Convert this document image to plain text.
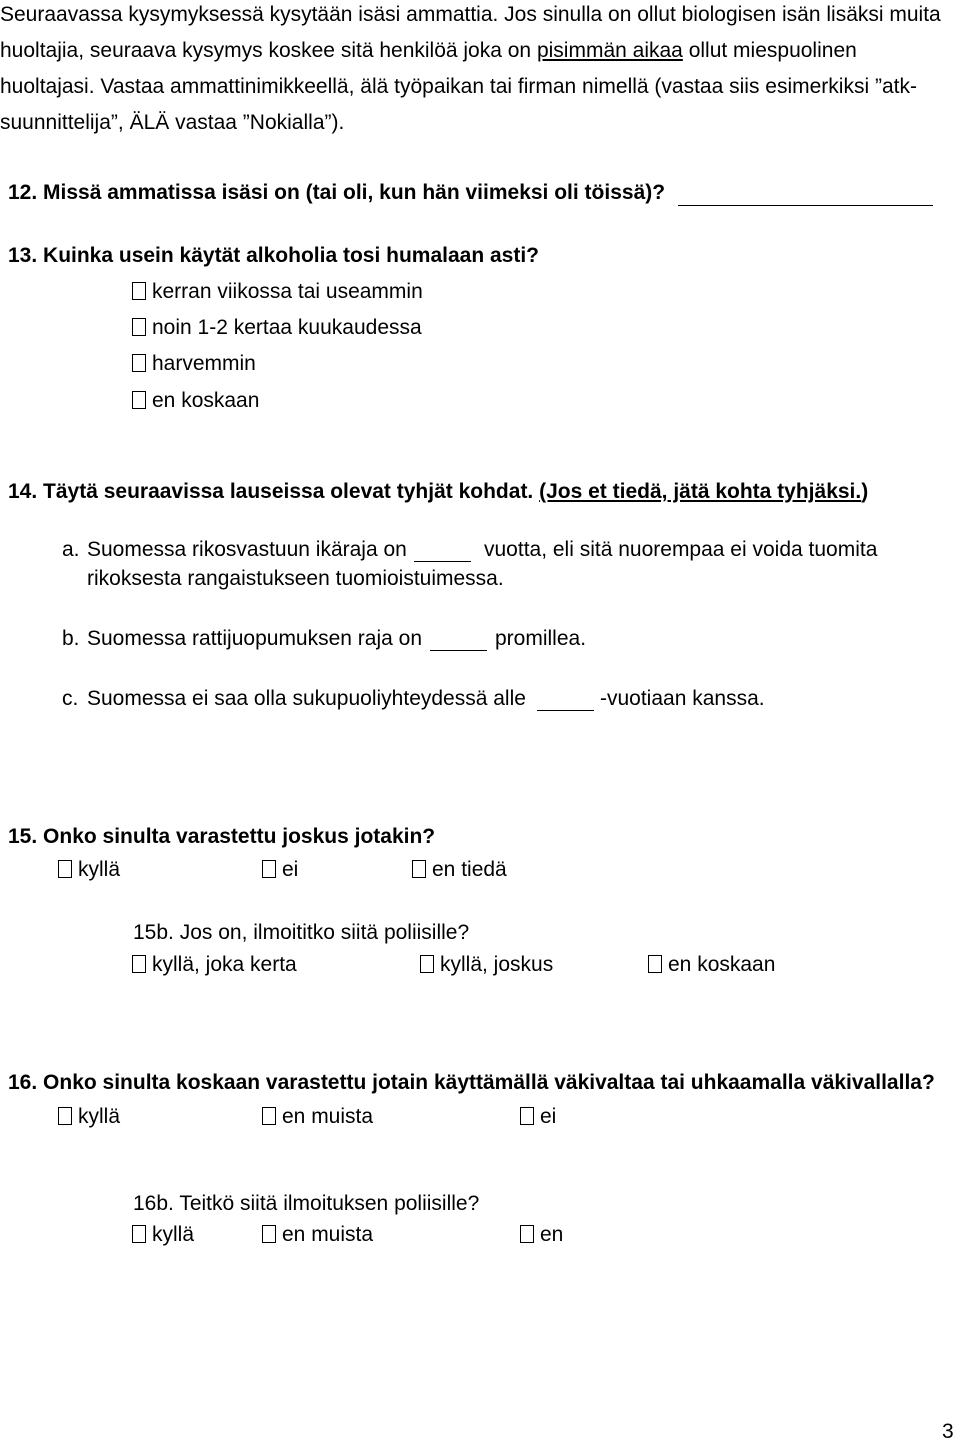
Seuraavassa kysymyksessä kysytään isäsi ammattia. Jos sinulla on ollut biologisen isän lisäksi muita
huoltajia, seuraava kysymys koskee sitä henkilöä joka on pisimmän aikaa ollut miespuolinen
huoltajasi. Vastaa ammattinimikkeellä, älä työpaikan tai firman nimellä (vastaa siis esimerkiksi ”atk-
suunnittelija”, ÄLÄ vastaa ”Nokialla”).
12. Missä ammatissa isäsi on (tai oli, kun hän viimeksi oli töissä)?
13. Kuinka usein käytät alkoholia tosi humalaan asti?
kerran viikossa tai useammin
noin 1-2 kertaa kuukaudessa
harvemmin
en koskaan
14. Täytä seuraavissa lauseissa olevat tyhjät kohdat. (Jos et tiedä, jätä kohta tyhjäksi.)
a. Suomessa rikosvastuun ikäraja on	vuotta, eli sitä nuorempaa ei voida tuomita
rikoksesta rangaistukseen tuomioistuimessa.
b. Suomessa rattijuopumuksen raja on	promillea.
c. Suomessa ei saa olla sukupuoliyhteydessä alle	-vuotiaan kanssa.
15. Onko sinulta varastettu joskus jotakin?
kyllä	ei	en tiedä
15b. Jos on, ilmoititko siitä poliisille?
kyllä, joka kerta	kyllä, joskus	en koskaan
16. Onko sinulta koskaan varastettu jotain käyttämällä väkivaltaa tai uhkaamalla väkivallalla?
kyllä	en muista	ei
16b. Teitkö siitä ilmoituksen poliisille?
kyllä	en muista	en
3
